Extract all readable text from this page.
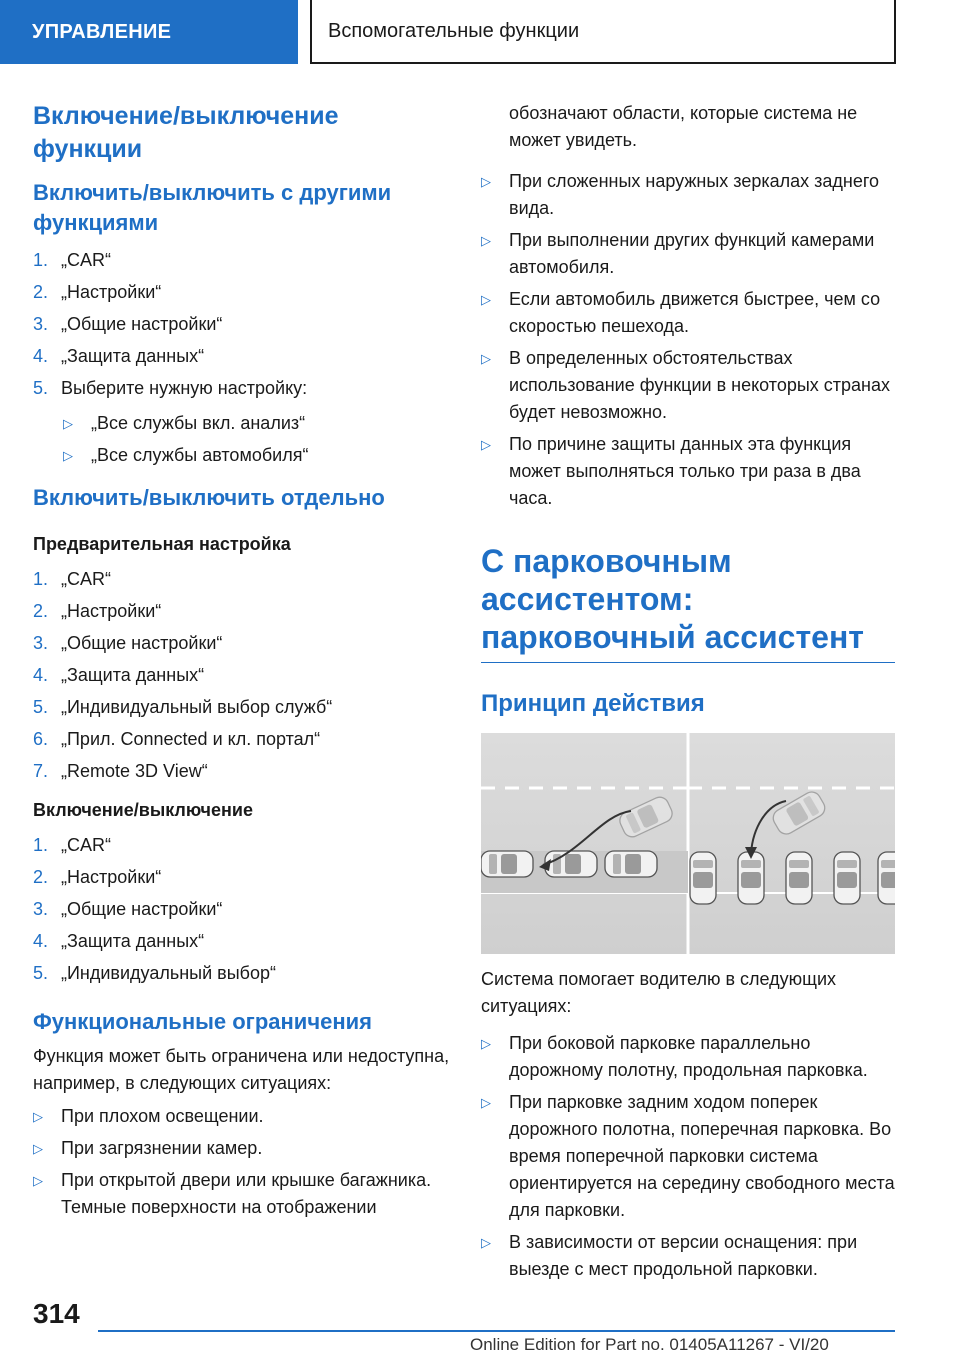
УПРАВЛЕНИЕ	Вспомогательные функции
Включение/выключение функции
Включить/выключить с другими функциями
1. „CAR“
2. „Настройки“
3. „Общие настройки“
4. „Защита данных“
5. Выберите нужную настройку:
▷	„Все службы вкл. анализ“
▷	„Все службы автомобиля“
Включить/выключить отдельно
Предварительная настройка
1. „CAR“
2. „Настройки“
3. „Общие настройки“
4. „Защита данных“
5. „Индивидуальный выбор служб“
6. „Прил. Connected и кл. портал“
7. „Remote 3D View“
Включение/выключение
1. „CAR“
2. „Настройки“
3. „Общие настройки“
4. „Защита данных“
5. „Индивидуальный выбор“
Функциональные ограничения

Функция может быть ограничена или недоступна, например, в следующих ситуациях:

▷	При плохом освещении.
▷	При загрязнении камер.
▷	При открытой двери или крышке багажника. Темные поверхности на отображении

обозначают области, которые система не может увидеть.

▷	При сложенных наружных зеркалах заднего вида.
▷	При выполнении других функций камерами автомобиля.
▷	Если автомобиль движется быстрее, чем со скоростью пешехода.
▷	В определенных обстоятельствах использование функции в некоторых странах будет невозможно.
▷	По причине защиты данных эта функция может выполняться только три раза в два часа.
С парковочным ассистентом: парковочный ассистент
Принцип действия

Система помогает водителю в следующих ситуациях:

▷	При боковой парковке параллельно дорожному полотну, продольная парковка.
▷	При парковке задним ходом поперек дорожного полотна, поперечная парковка. Во время поперечной парковки система ориентируется на середину свободного места для парковки.
▷	В зависимости от версии оснащения: при выезде с мест продольной парковки.
314
Online Edition for Part no. 01405A11267 - VI/20
